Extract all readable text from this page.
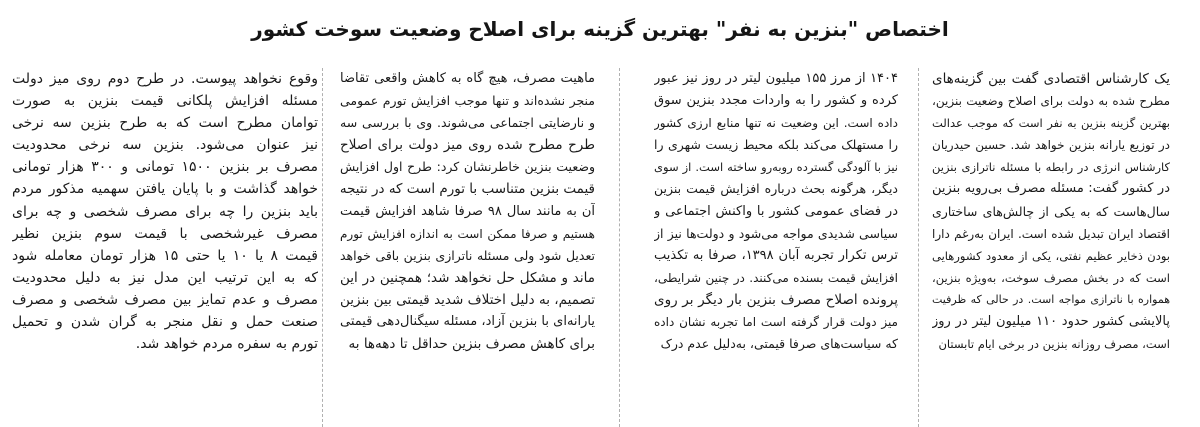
اختصاص "بنزین به نفر" بهترین گزینه برای اصلاح وضعیت سوخت کشور
یک کارشناس اقتصادی گفت بین گزینه‌های
مطرح شده به دولت برای اصلاح وضعیت بنزین،
بهترین گزینه بنزین به نفر است که موجب عدالت
در توزیع یارانه بنزین خواهد شد. حسین حیدریان
کارشناس انرژی در رابطه با مسئله ناترازی بنزین
در کشور گفت: مسئله مصرف بی‌رویه بنزین
سال‌هاست که به یکی از چالش‌های ساختاری
اقتصاد ایران تبدیل شده است. ایران به‌رغم دارا
بودن ذخایر عظیم نفتی، یکی از معدود کشورهایی
است که در بخش مصرف سوخت، به‌ویژه بنزین،
همواره با ناترازی مواجه است. در حالی که ظرفیت
پالایشی کشور حدود ۱۱۰ میلیون لیتر در روز
است، مصرف روزانه بنزین در برخی ایام تابستان
۱۴۰۴ از مرز ۱۵۵ میلیون لیتر در روز نیز عبور
کرده و کشور را به واردات مجدد بنزین سوق
داده است. این وضعیت نه تنها منابع ارزی کشور
را مستهلک می‌کند بلکه محیط زیست شهری را
نیز با آلودگی گسترده روبه‌رو ساخته است. از سوی
دیگر، هرگونه بحث درباره افزایش قیمت بنزین
در فضای عمومی کشور با واکنش اجتماعی و
سیاسی شدیدی مواجه می‌شود و دولت‌ها نیز از
ترس تکرار تجربه آبان ۱۳۹۸، صرفا به تکذیب
افزایش قیمت بسنده می‌کنند. در چنین شرایطی،
پرونده اصلاح مصرف بنزین بار دیگر بر روی
میز دولت قرار گرفته است اما تجربه نشان داده
که سیاست‌های صرفا قیمتی، به‌دلیل عدم درک
ماهیت مصرف، هیچ گاه به کاهش واقعی تقاضا
منجر نشده‌اند و تنها موجب افزایش تورم عمومی
و نارضایتی اجتماعی می‌شوند. وی با بررسی سه
طرح مطرح شده روی میز دولت برای اصلاح
وضعیت بنزین خاطرنشان کرد: طرح اول افزایش
قیمت بنزین متناسب با تورم است که در نتیجه
آن به مانند سال ۹۸ صرفا شاهد افزایش قیمت
هستیم و صرفا ممکن است به اندازه افزایش تورم
تعدیل شود ولی مسئله ناترازی بنزین باقی خواهد
ماند و مشکل حل نخواهد شد؛ همچنین در این
تصمیم، به دلیل اختلاف شدید قیمتی بین بنزین
یارانه‌ای با بنزین آزاد، مسئله سیگنال‌دهی قیمتی
برای کاهش مصرف بنزین حداقل تا دهه‌ها به
وقوع نخواهد پیوست. در طرح دوم روی میز دولت
مسئله افزایش پلکانی قیمت بنزین به صورت
توامان مطرح است که به طرح بنزین سه نرخی
نیز عنوان می‌شود. بنزین سه نرخی محدودیت
مصرف بر بنزین ۱۵۰۰ تومانی و ۳۰۰ هزار تومانی
خواهد گذاشت و با پایان یافتن سهمیه مذکور مردم
باید بنزین را چه برای مصرف شخصی و چه برای
مصرف غیرشخصی با قیمت سوم بنزین نظیر
قیمت ۸ یا ۱۰ یا حتی ۱۵ هزار تومان معامله شود
که به این ترتیب این مدل نیز به دلیل محدودیت
مصرف و عدم تمایز بین مصرف شخصی و مصرف
صنعت حمل و نقل منجر به گران شدن و تحمیل
تورم به سفره مردم خواهد شد.
